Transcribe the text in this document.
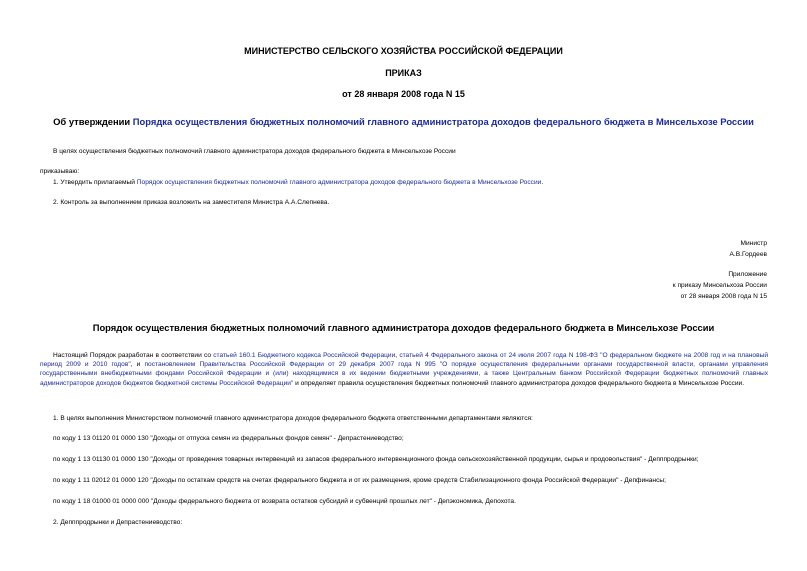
МИНИСТЕРСТВО СЕЛЬСКОГО ХОЗЯЙСТВА РОССИЙСКОЙ ФЕДЕРАЦИИ
ПРИКАЗ
от 28 января 2008 года N 15
Об утверждении Порядка осуществления бюджетных полномочий главного администратора доходов федерального бюджета в Минсельхозе России
В целях осуществления бюджетных полномочий главного администратора доходов федерального бюджета в Минсельхозе России
приказываю:
1. Утвердить прилагаемый Порядок осуществления бюджетных полномочий главного администратора доходов федерального бюджета в Минсельхозе России.
2. Контроль за выполнением приказа возложить на заместителя Министра А.А.Слепнева.
Министр
А.В.Гордеев
Приложение
к приказу Минсельхоза России
от 28 января 2008 года N 15
Порядок осуществления бюджетных полномочий главного администратора доходов федерального бюджета в Минсельхозе России
Настоящий Порядок разработан в соответствии со статьей 160.1 Бюджетного кодекса Российской Федерации, статьей 4 Федерального закона от 24 июля 2007 года N 198-ФЗ "О федеральном бюджете на 2008 год и на плановый период 2009 и 2010 годов", и постановлением Правительства Российской Федерации от 29 декабря 2007 года N 995 "О порядке осуществления федеральными органами государственной власти, органами управления государственными внебюджетными фондами Российской Федерации и (или) находящимися в их ведении бюджетными учреждениями, а также Центральным банком Российской Федерации бюджетных полномочий главных администраторов доходов бюджетов бюджетной системы Российской Федерации" и определяет правила осуществления бюджетных полномочий главного администратора доходов федерального бюджета в Минсельхозе России.
1. В целях выполнения Министерством полномочий главного администратора доходов федерального бюджета ответственными департаментами являются:
по коду 1 13 01120 01 0000 130 "Доходы от отпуска семян из федеральных фондов семян" - Депрастениеводство;
по коду 1 13 01130 01 0000 130 "Доходы от проведения товарных интервенций из запасов федерального интервенционного фонда сельскохозяйственной продукции, сырья и продовольствия" - Депппродрынки;
по коду 1 11 02012 01 0000 120 "Доходы по остаткам средств на счетах федерального бюджета и от их размещения, кроме средств Стабилизационного фонда Российской Федерации" - Депфинансы;
по коду 1 18 01000 01 0000 000 "Доходы федерального бюджета от возврата остатков субсидий и субвенций прошлых лет" - Депэкономика, Депохота.
2. Депппродрынки и Депрастениеводство:
